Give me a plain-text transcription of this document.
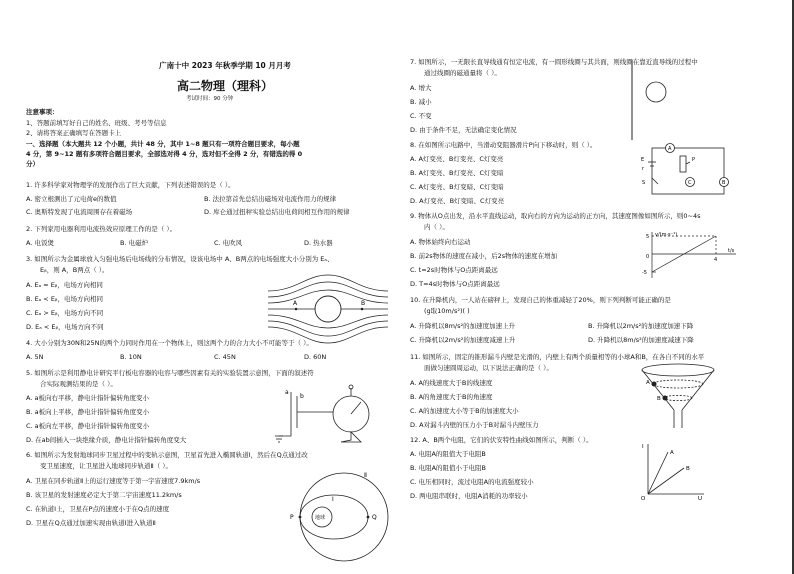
广南十中 2023 年秋季学期 10 月月考
高二物理（理科）
考试时间：90 分钟
注意事项：
1、答题前填写好自己的姓名、班级、考号等信息
2、请将答案正确填写在答题卡上
一、选择题（本大题共 12 个小题，共计 48 分，其中 1~8 题只有一项符合题目要求，每小题
4 分，第 9~12 题有多项符合题目要求，全部选对得 4 分，选对但不全得 2 分，有错选的得 0
分）
1. 许多科学家对物理学的发展作出了巨大贡献，下列表述错误的是（ ）。
A. 密立根测出了元电荷e的数值	B. 法拉第首先总结出磁场对电流作用力的规律
C. 奥斯特发现了电流周围存在着磁场	D. 库仑通过扭秤实验总结出电荷间相互作用的规律
2. 下列家用电器利用电流热效应原理工作的是（ ）。
A. 电饭煲	B. 电磁炉	C. 电吹风	D. 热水器
3. 如图所示为金属球放入匀强电场后电场线的分布情况，设该电场中 A、B两点的电场强度大小分别为 Eₐ、
Eᵦ，则 A，B两点（ ）。
A. Eₐ = Eᵦ，电场方向相同
B. Eₐ < Eᵦ，电场方向相同
C. Eₐ > Eᵦ，电场方向不同
D. Eₐ < Eᵦ，电场方向不同
4. 大小分别为30N和25N的两个力同时作用在一个物体上，则这两个力的合力大小不可能等于（ ）。
A. 5N	B. 10N	C. 45N	D. 60N
5. 如图所示是利用静电计研究平行板电容器的电容与哪些因素有关的实验装置示意图，下面的叙述符
合实际观测结果的是（ ）。
A. a板向右平移，静电计指针偏转角度变小
B. a板向上平移，静电计指针偏转角度变小
C. a板向左平移，静电计指针偏转角度变小
D. 在ab间插入一块绝缘介质，静电计指针偏转角度变大
6. 如图所示为发射地球同步卫星过程中的变轨示意图，卫星首先进入椭圆轨道Ⅰ，然后在Q点通过改
变卫星速度，让卫星进入地球同步轨道Ⅱ（ ）。
A. 卫星在同步轨道Ⅱ上的运行速度等于第一宇宙速度7.9km/s
B. 该卫星的发射速度必定大于第二宇宙速度11.2km/s
C. 在轨道Ⅰ上，卫星在P点的速度小于在Q点的速度
D. 卫星在Q点通过加速实现由轨道Ⅰ进入轨道Ⅱ
A	B
a
b
地球
P	Q
Ⅰ
Ⅱ
7. 如图所示，一无限长直导线通有恒定电流，有一圆形线圈与其共面，则线圈在靠近直导线的过程中
通过线圈的磁通量将（ ）。
A. 增大
B. 减小
C. 不变
D. 由于条件不足，无法确定变化情况
8. 在如图所示电路中，当滑动变阻器滑片P向下移动时，则（ ）。
A. A灯变亮、B灯变亮、C灯变亮
B. A灯变亮、B灯变亮、C灯变暗
C. A灯变亮、B灯变暗、C灯变暗
D. A灯变亮、B灯变暗、C灯变亮
E
r
S
A
C	B
P
9. 物体从O点出发，沿水平直线运动，取向右的方向为运动的正方向，其速度图像如图所示，则0~4s
内（ ）。
A. 物体始终向右运动
B. 前2s物体的速度在减小，后2s物体的速度在增加
C. t=2s时物体与O点距离最远
D. T=4s时物体与O点距离最远
v/(m·s⁻¹)
t/s
4
0
5
-5
10. 在升降机内，一人站在磅秤上，发现自己的体重减轻了20%，则下列判断可能正确的是
(g取10m/s²)( )
A. 升降机以8m/s²的加速度加速上升	B. 升降机以2m/s²的加速度加速下降
C. 升降机以2m/s²的加速度减速上升	D. 升降机以8m/s²的加速度减速下降
11. 如图所示，固定的锥形漏斗内壁是光滑的，内壁上有两个质量相等的小球A和B，在各自不同的水平
面做匀速圆周运动，以下说法正确的是（ ）。
A. A的线速度大于B的线速度
B. A的角速度大于B的角速度
C. A的加速度大小等于B的加速度大小
D. A对漏斗内壁的压力小于B对漏斗内壁压力
A
B
12. A、B两个电阻，它们的伏安特性曲线如图所示，判断（ ）。
A. 电阻A的阻值大于电阻B
B. 电阻A的阻值小于电阻B
C. 电压相同时，流过电阻A的电流强度较小
D. 两电阻串联时，电阻A消耗的功率较小
I
U
O
A
B
